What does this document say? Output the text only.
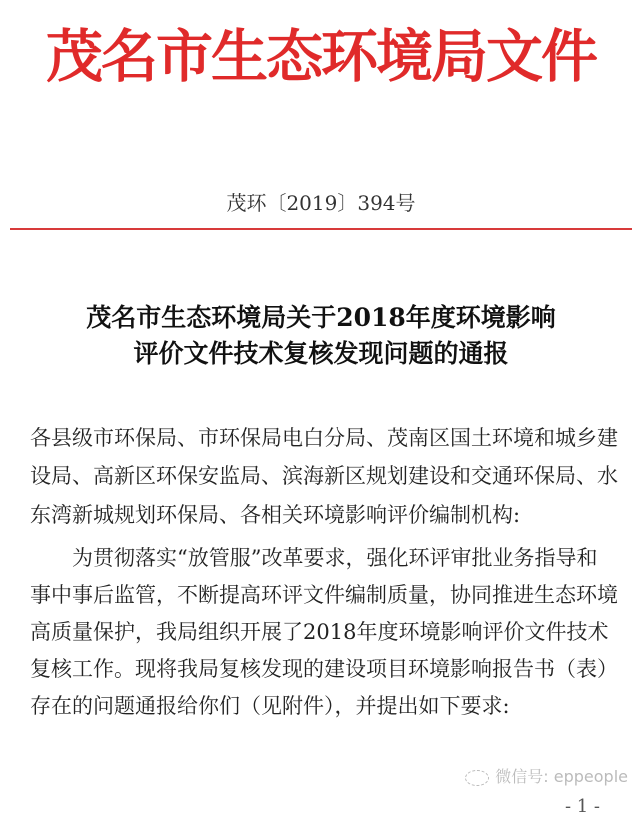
茂名市生态环境局文件
茂环〔2019〕394号
茂名市生态环境局关于2018年度环境影响
评价文件技术复核发现问题的通报
各县级市环保局、市环保局电白分局、茂南区国土环境和城乡建
设局、高新区环保安监局、滨海新区规划建设和交通环保局、水
东湾新城规划环保局、各相关环境影响评价编制机构:
　　为贯彻落实“放管服”改革要求，强化环评审批业务指导和
事中事后监管，不断提高环评文件编制质量，协同推进生态环境
高质量保护，我局组织开展了2018年度环境影响评价文件技术
复核工作。现将我局复核发现的建设项目环境影响报告书（表）
存在的问题通报给你们（见附件），并提出如下要求:
微信号: eppeople
- 1 -
